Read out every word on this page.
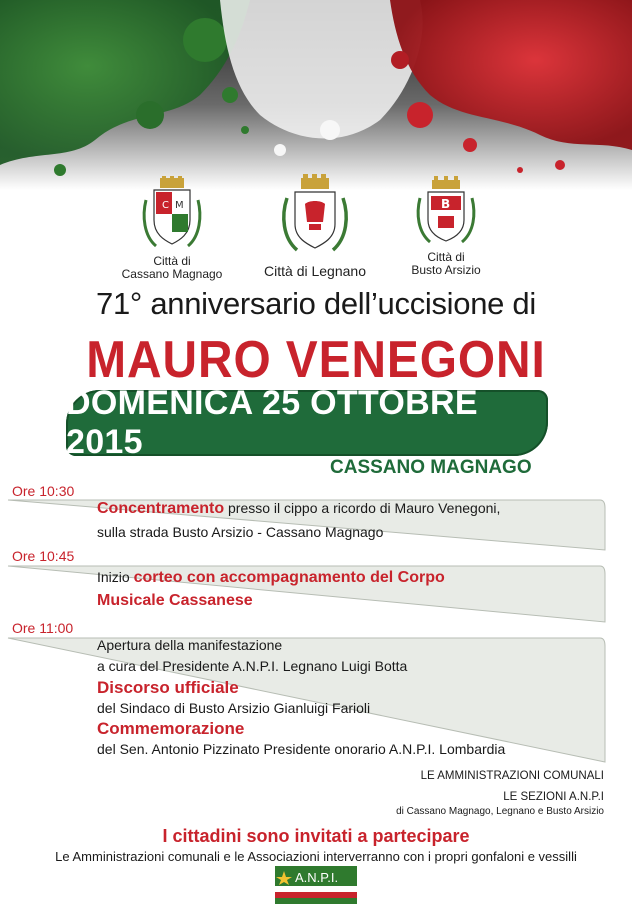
C M
Città di
Cassano Magnago	Città di Legnano
B
Città di
Busto Arsizio
71° anniversario dell’uccisione di
MAURO VENEGONI
DOMENICA 25 OTTOBRE 2015
CASSANO MAGNAGO
Ore 10:30
Concentramento presso il cippo a ricordo di Mauro Venegoni,
sulla strada Busto Arsizio - Cassano Magnago
Ore 10:45
Inizio corteo con accompagnamento del Corpo
Musicale Cassanese
Ore 11:00
Apertura della manifestazione
a cura del Presidente A.N.P.I. Legnano Luigi Botta
Discorso ufficiale
del Sindaco di Busto Arsizio Gianluigi Farioli
Commemorazione
del Sen. Antonio Pizzinato Presidente onorario A.N.P.I. Lombardia
LE AMMINISTRAZIONI COMUNALI
LE SEZIONI A.N.P.I
di Cassano Magnago, Legnano e Busto Arsizio
I cittadini sono invitati a partecipare
Le Amministrazioni comunali e le Associazioni interverranno con i propri gonfaloni e vessilli
A.N.P.I.
